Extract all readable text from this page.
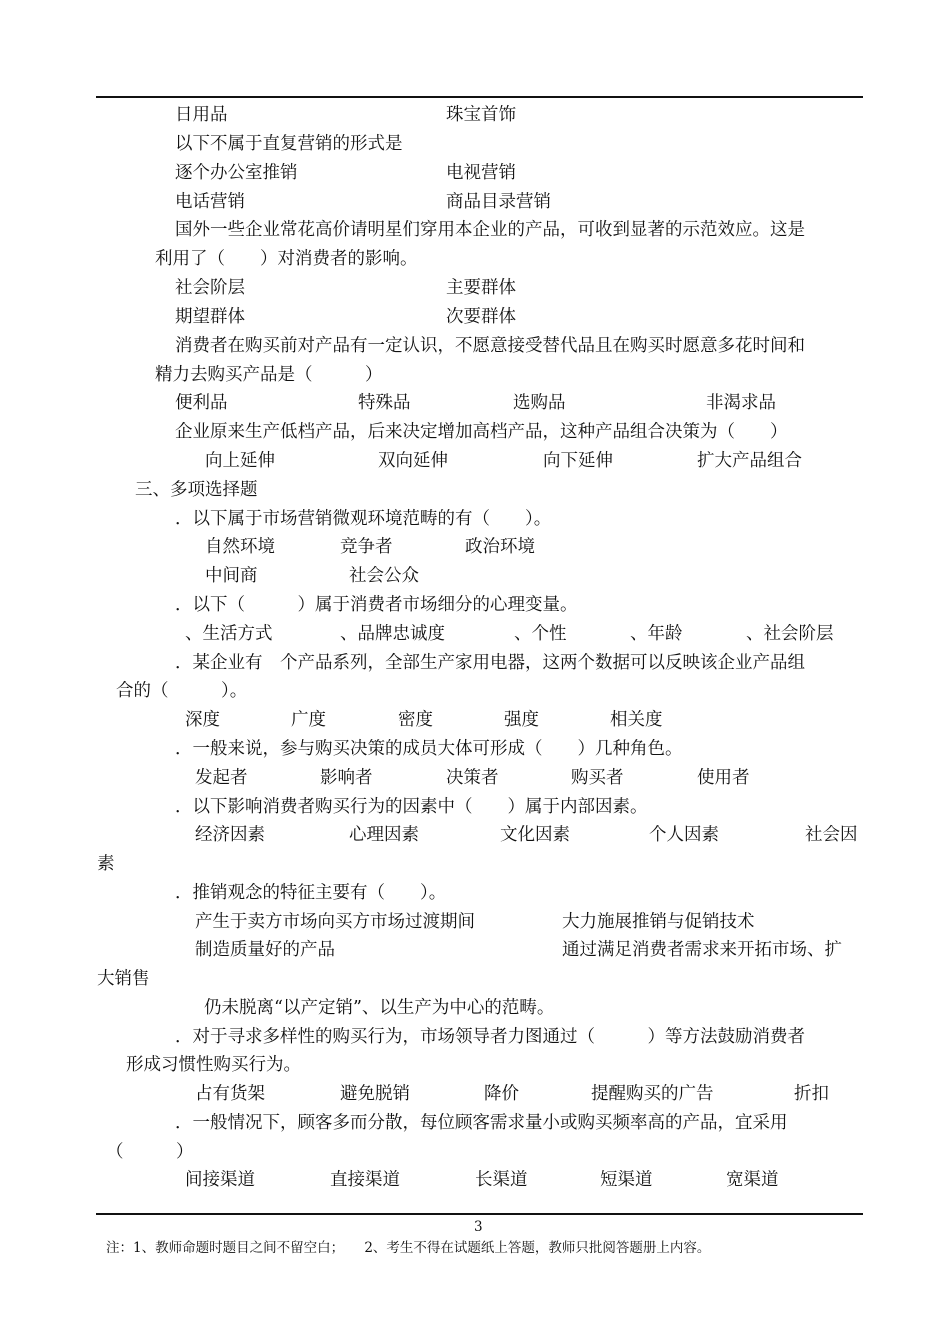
日用品	珠宝首饰
以下不属于直复营销的形式是
逐个办公室推销	电视营销
电话营销	商品目录营销
国外一些企业常花高价请明星们穿用本企业的产品，可收到显著的示范效应。这是
利用了（　　）对消费者的影响。
社会阶层	主要群体
期望群体	次要群体
消费者在购买前对产品有一定认识，不愿意接受替代品且在购买时愿意多花时间和
精力去购买产品是（　　　）
便利品	特殊品	选购品	非渴求品
企业原来生产低档产品，后来决定增加高档产品，这种产品组合决策为（　　）
向上延伸	双向延伸	向下延伸	扩大产品组合
三、多项选择题
．以下属于市场营销微观环境范畴的有（　　）。
自然环境	竞争者	政治环境
中间商	社会公众
．以下（　　　）属于消费者市场细分的心理变量。
、生活方式	、品牌忠诚度	、个性	、年龄	、社会阶层
．某企业有　个产品系列，全部生产家用电器，这两个数据可以反映该企业产品组
合的（　　　）。
深度	广度	密度	强度	相关度
．一般来说，参与购买决策的成员大体可形成（　　）几种角色。
发起者	影响者	决策者	购买者	使用者
．以下影响消费者购买行为的因素中（　　）属于内部因素。
经济因素	心理因素	文化因素	个人因素	社会因
素
．推销观念的特征主要有（　　）。
产生于卖方市场向买方市场过渡期间	大力施展推销与促销技术
制造质量好的产品	通过满足消费者需求来开拓市场、扩
大销售
仍未脱离“以产定销”、以生产为中心的范畴。
．对于寻求多样性的购买行为，市场领导者力图通过（　　　）等方法鼓励消费者
形成习惯性购买行为。
占有货架	避免脱销	降价	提醒购买的广告	折扣
．一般情况下，顾客多而分散，每位顾客需求量小或购买频率高的产品，宜采用
（　　　）
间接渠道	直接渠道	长渠道	短渠道	宽渠道
3
注：1、教师命题时题目之间不留空白；　　2、考生不得在试题纸上答题，教师只批阅答题册上内容。
